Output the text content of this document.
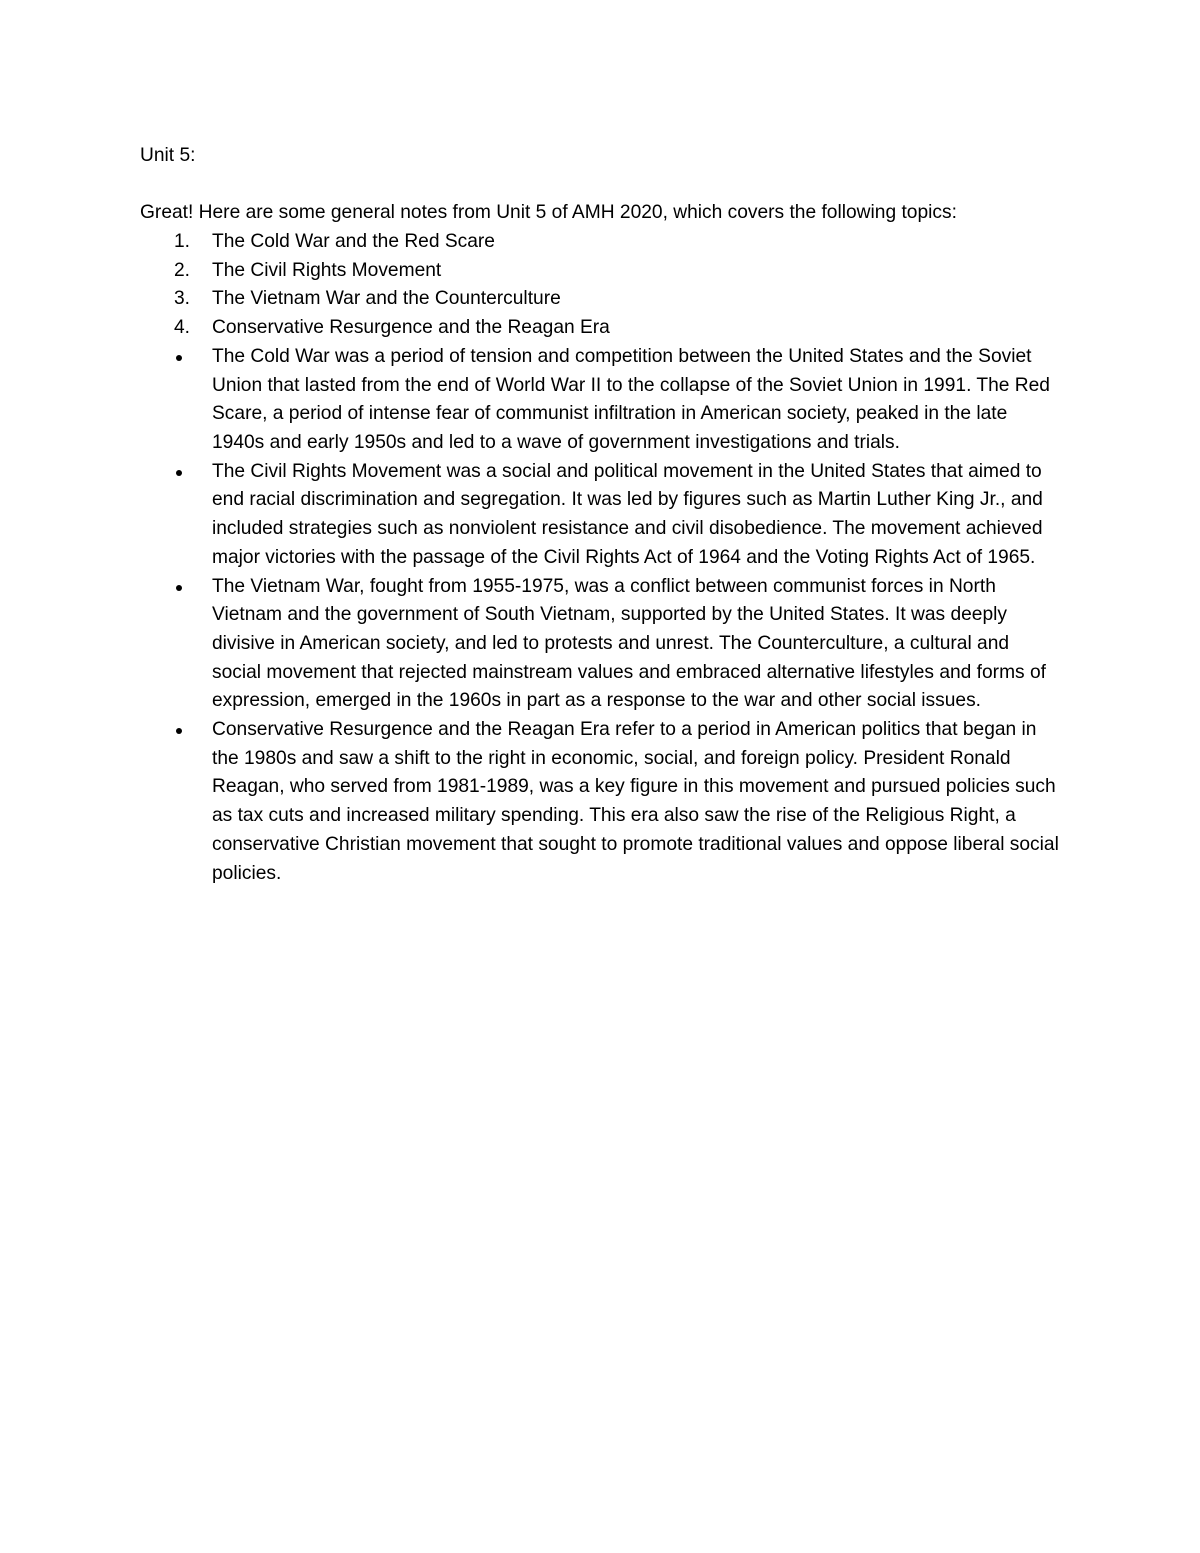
Unit 5:

Great! Here are some general notes from Unit 5 of AMH 2020, which covers the following topics:

1.	The Cold War and the Red Scare
2.	The Civil Rights Movement
3.	The Vietnam War and the Counterculture
4.	Conservative Resurgence and the Reagan Era
The Cold War was a period of tension and competition between the United States and the Soviet Union that lasted from the end of World War II to the collapse of the Soviet Union in 1991. The Red Scare, a period of intense fear of communist infiltration in American society, peaked in the late 1940s and early 1950s and led to a wave of government investigations and trials.
The Civil Rights Movement was a social and political movement in the United States that aimed to end racial discrimination and segregation. It was led by figures such as Martin Luther King Jr., and included strategies such as nonviolent resistance and civil disobedience. The movement achieved major victories with the passage of the Civil Rights Act of 1964 and the Voting Rights Act of 1965.
The Vietnam War, fought from 1955-1975, was a conflict between communist forces in North Vietnam and the government of South Vietnam, supported by the United States. It was deeply divisive in American society, and led to protests and unrest. The Counterculture, a cultural and social movement that rejected mainstream values and embraced alternative lifestyles and forms of expression, emerged in the 1960s in part as a response to the war and other social issues.
Conservative Resurgence and the Reagan Era refer to a period in American politics that began in the 1980s and saw a shift to the right in economic, social, and foreign policy. President Ronald Reagan, who served from 1981-1989, was a key figure in this movement and pursued policies such as tax cuts and increased military spending. This era also saw the rise of the Religious Right, a conservative Christian movement that sought to promote traditional values and oppose liberal social policies.
